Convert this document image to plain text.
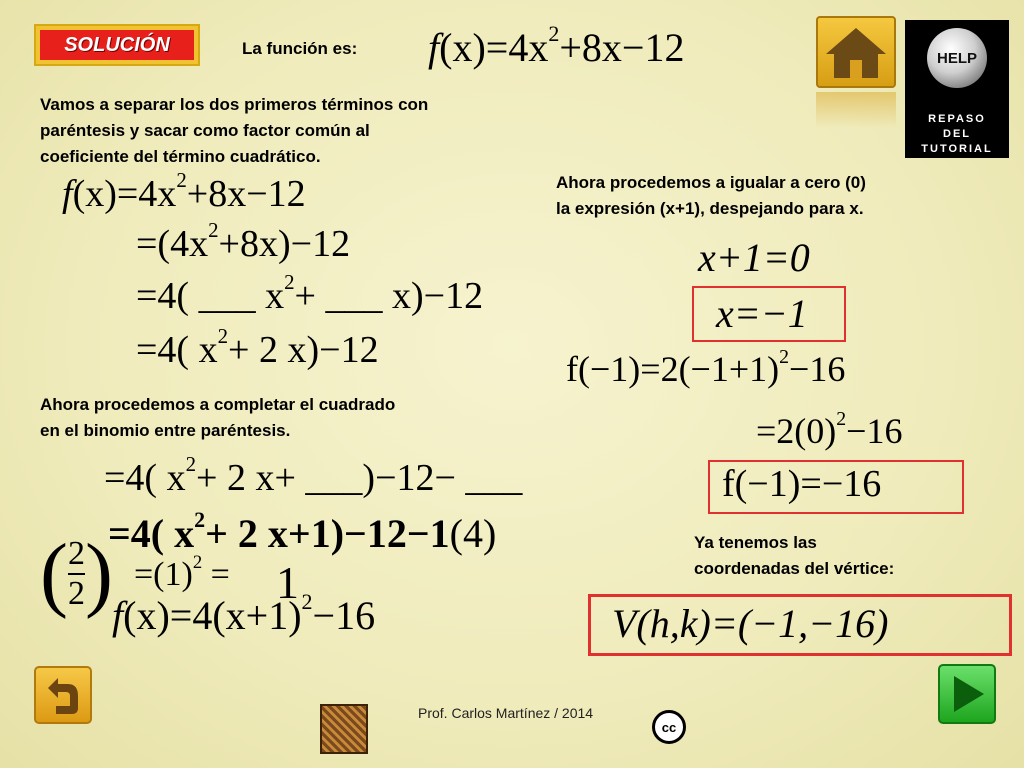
SOLUCIÓN	La función es: $f(x)=4x^2+8x-12$	HELP
REPASO
DEL
TUTORIAL
Vamos a separar los dos primeros términos con
paréntesis y sacar como factor común al
coeficiente del término cuadrático.
$f(x)=4x^2+8x-12$
$=(4x^2+8x)-12$
=4( ___ $x^2+$ ___ x)−12
=4( $x^2+ 2$ x)−12
Ahora procedemos a completar el cuadrado
en el binomio entre paréntesis.
=4( $x^2+ 2$ x+ ___)−12− ___
=4( $x^2+ 2$ x+1)−12−1(4)
( $\frac{2}{2}$ ) $=(1)^2 = 1$
$f(x)=4(x+1)^2-16$
Ahora procedemos a igualar a cero (0)
la expresión (x+1), despejando para x.
x+1=0
x=−1
$f(-1)=2(-1+1)^2-16$
$=2(0)^2-16$
f(−1)=−16
Ya tenemos las
coordenadas del vértice:
V(h,k)=(−1,−16)
Prof. Carlos Martínez / 2014
cc
